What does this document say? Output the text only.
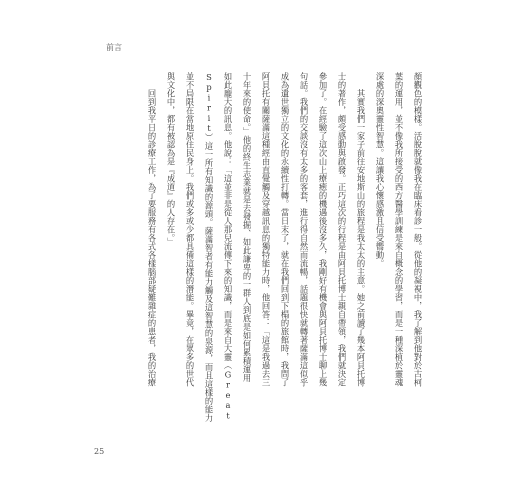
前言
顏觀色的模樣。活脫脫就像我在臨床看診一般。從他的凝視中，我了解到他對於古柯
葉的運用，並不像我所接受的西方醫學訓練是來自概念的學習，而是一種深植於靈魂
深處的深奧靈性智慧。這讓我心懷感激且信受嚮動。
其實我們一家子前往安地斯山的旅程是我太太的主意。她之前讀了幾本阿貝托博
士的著作，頗受感動與啟發。正巧這次的行程是由阿貝托博士親自帶領，我們就決定
參加了。在經驗了這次山上療癒的機遇後沒多久，我剛好有機會與阿貝托博士聊上幾
句話。我們的交談沒有太多的客套，進行得自然而流暢，話題很快就轉著薩滿這似乎
成為遺世獨立的文化的永續性打轉。當日末了，就在我們回到下榻的旅館時，我問了
阿貝托有關薩滿這種經由直覺觸及穿越訊息的獨特能力時，他回答：「這是我過去三
十年來的使命。」他的終生志業就是去發掘、如此謙卑的一群人到底是如何累積運用
如此龐大的訊息。他說：「這並非是從人那兒流傳下來的知識，而是來自大靈（Great
Spirit）這一所有知識的源頭。薩滿智者有能力觸及這智慧的泉源，而且這樣的能力
並不局限在當地原住民身上。我們或多或少都具備這樣的潛能。畢竟，在眾多的世代
與文化中，都有被認為是『成道』的人存在。」
回到我平日的診療工作，為了要服務有各式各樣腦部疑難雜症的患者，我的治療
25
